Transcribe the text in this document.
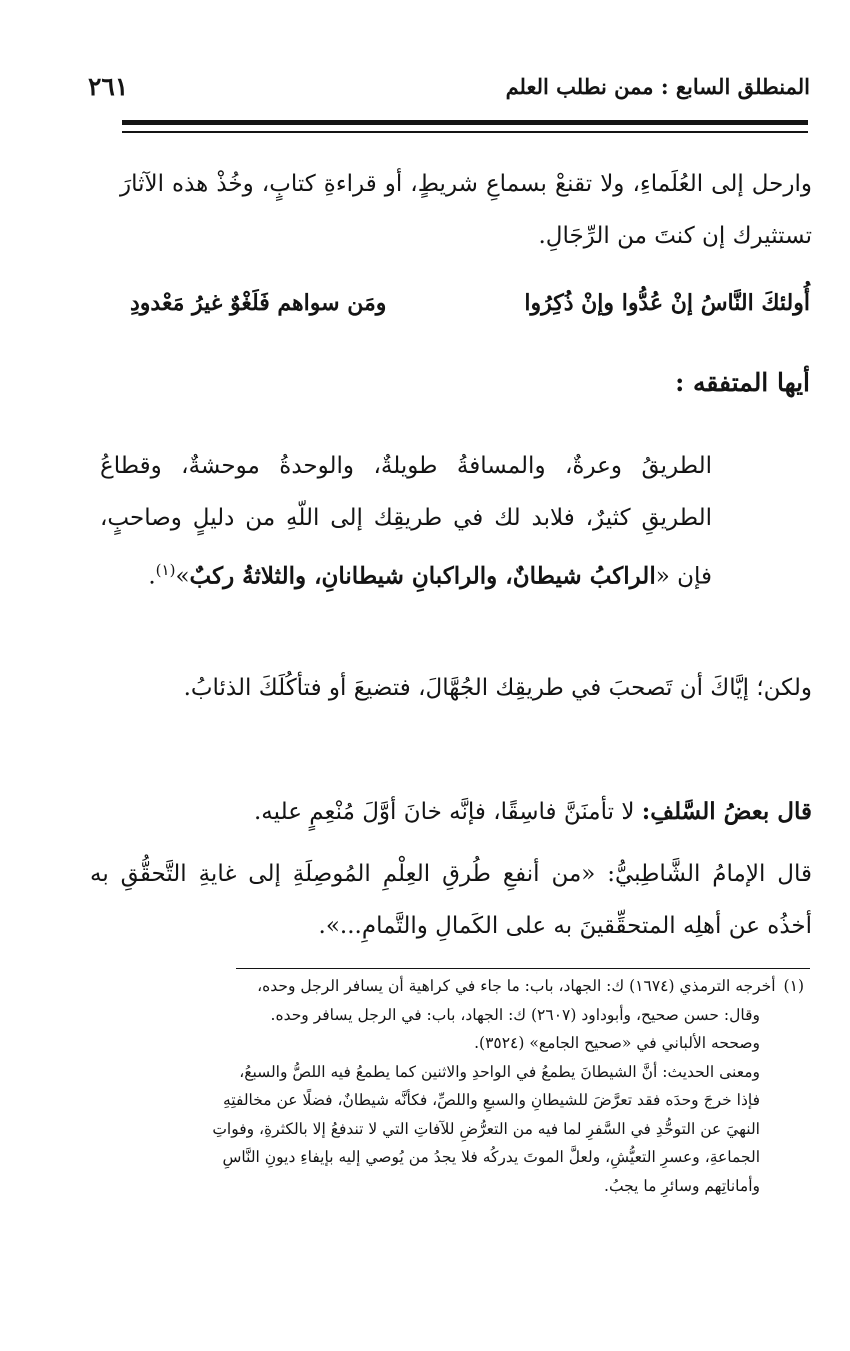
المنطلق السابع : ممن نطلب العلم
٢٦١
وارحل إلى العُلَماءِ، ولا تقنعْ بسماعِ شريطٍ، أو قراءةِ كتابٍ، وخُذْ هذه الآثارَ تستثيرك إن كنتَ من الرِّجَالِ.
أُولئكَ النَّاسُ إنْ عُدُّوا وإنْ ذُكِرُوا
ومَن سواهم فَلَغْوٌ غيرُ مَعْدودِ
أيها المتفقه :
الطريقُ وعرةٌ، والمسافةُ طويلةٌ، والوحدةُ موحشةٌ، وقطاعُ الطريقِ كثيرٌ، فلابد لك في طريقِك إلى اللّهِ من دليلٍ وصاحبٍ، فإن «الراكبُ شيطانٌ، والراكبانِ شيطانانِ، والثلاثةُ ركبٌ»$^{(١)}$.
ولكن؛ إيَّاكَ أن تَصحبَ في طريقِك الجُهَّالَ، فتضيعَ أو فتأكُلَكَ الذئابُ.
قال بعضُ السَّلفِ: لا تأمنَنَّ فاسِقًا، فإنَّه خانَ أوَّلَ مُنْعِمٍ عليه.
قال الإمامُ الشَّاطِبيُّ: «من أنفعِ طُرقِ العِلْمِ المُوصِلَةِ إلى غايةِ التَّحقُّقِ به أخذُه عن أهلِه المتحقِّقينَ به على الكَمالِ والتَّمامِ...».
(١)أخرجه الترمذي (١٦٧٤) ك: الجهاد، باب: ما جاء في كراهية أن يسافر الرجل وحده،
وقال: حسن صحيح، وأبوداود (٢٦٠٧) ك: الجهاد، باب: في الرجل يسافر وحده.
وصححه الألباني في «صحيح الجامع» (٣٥٢٤).
ومعنى الحديث: أنَّ الشيطانَ يطمعُ في الواحدِ والاثنين كما يطمعُ فيه اللصُّ والسبعُ،
فإذا خرجَ وحدَه فقد تعرَّضَ للشيطانِ والسبعِ واللصِّ، فكأنَّه شيطانٌ، فضلًا عن مخالفتِهِ
النهيَ عن التوحُّدِ في السَّفرِ لما فيه من التعرُّضِ للآفاتِ التي لا تندفعُ إلا بالكثرةِ، وفواتِ
الجماعةِ، وعسرِ التعيُّشِ، ولعلَّ الموتَ يدركُه فلا يجدُ من يُوصي إليه بإيفاءِ ديونِ النَّاسِ
وأماناتِهم وسائرِ ما يجبُ.
